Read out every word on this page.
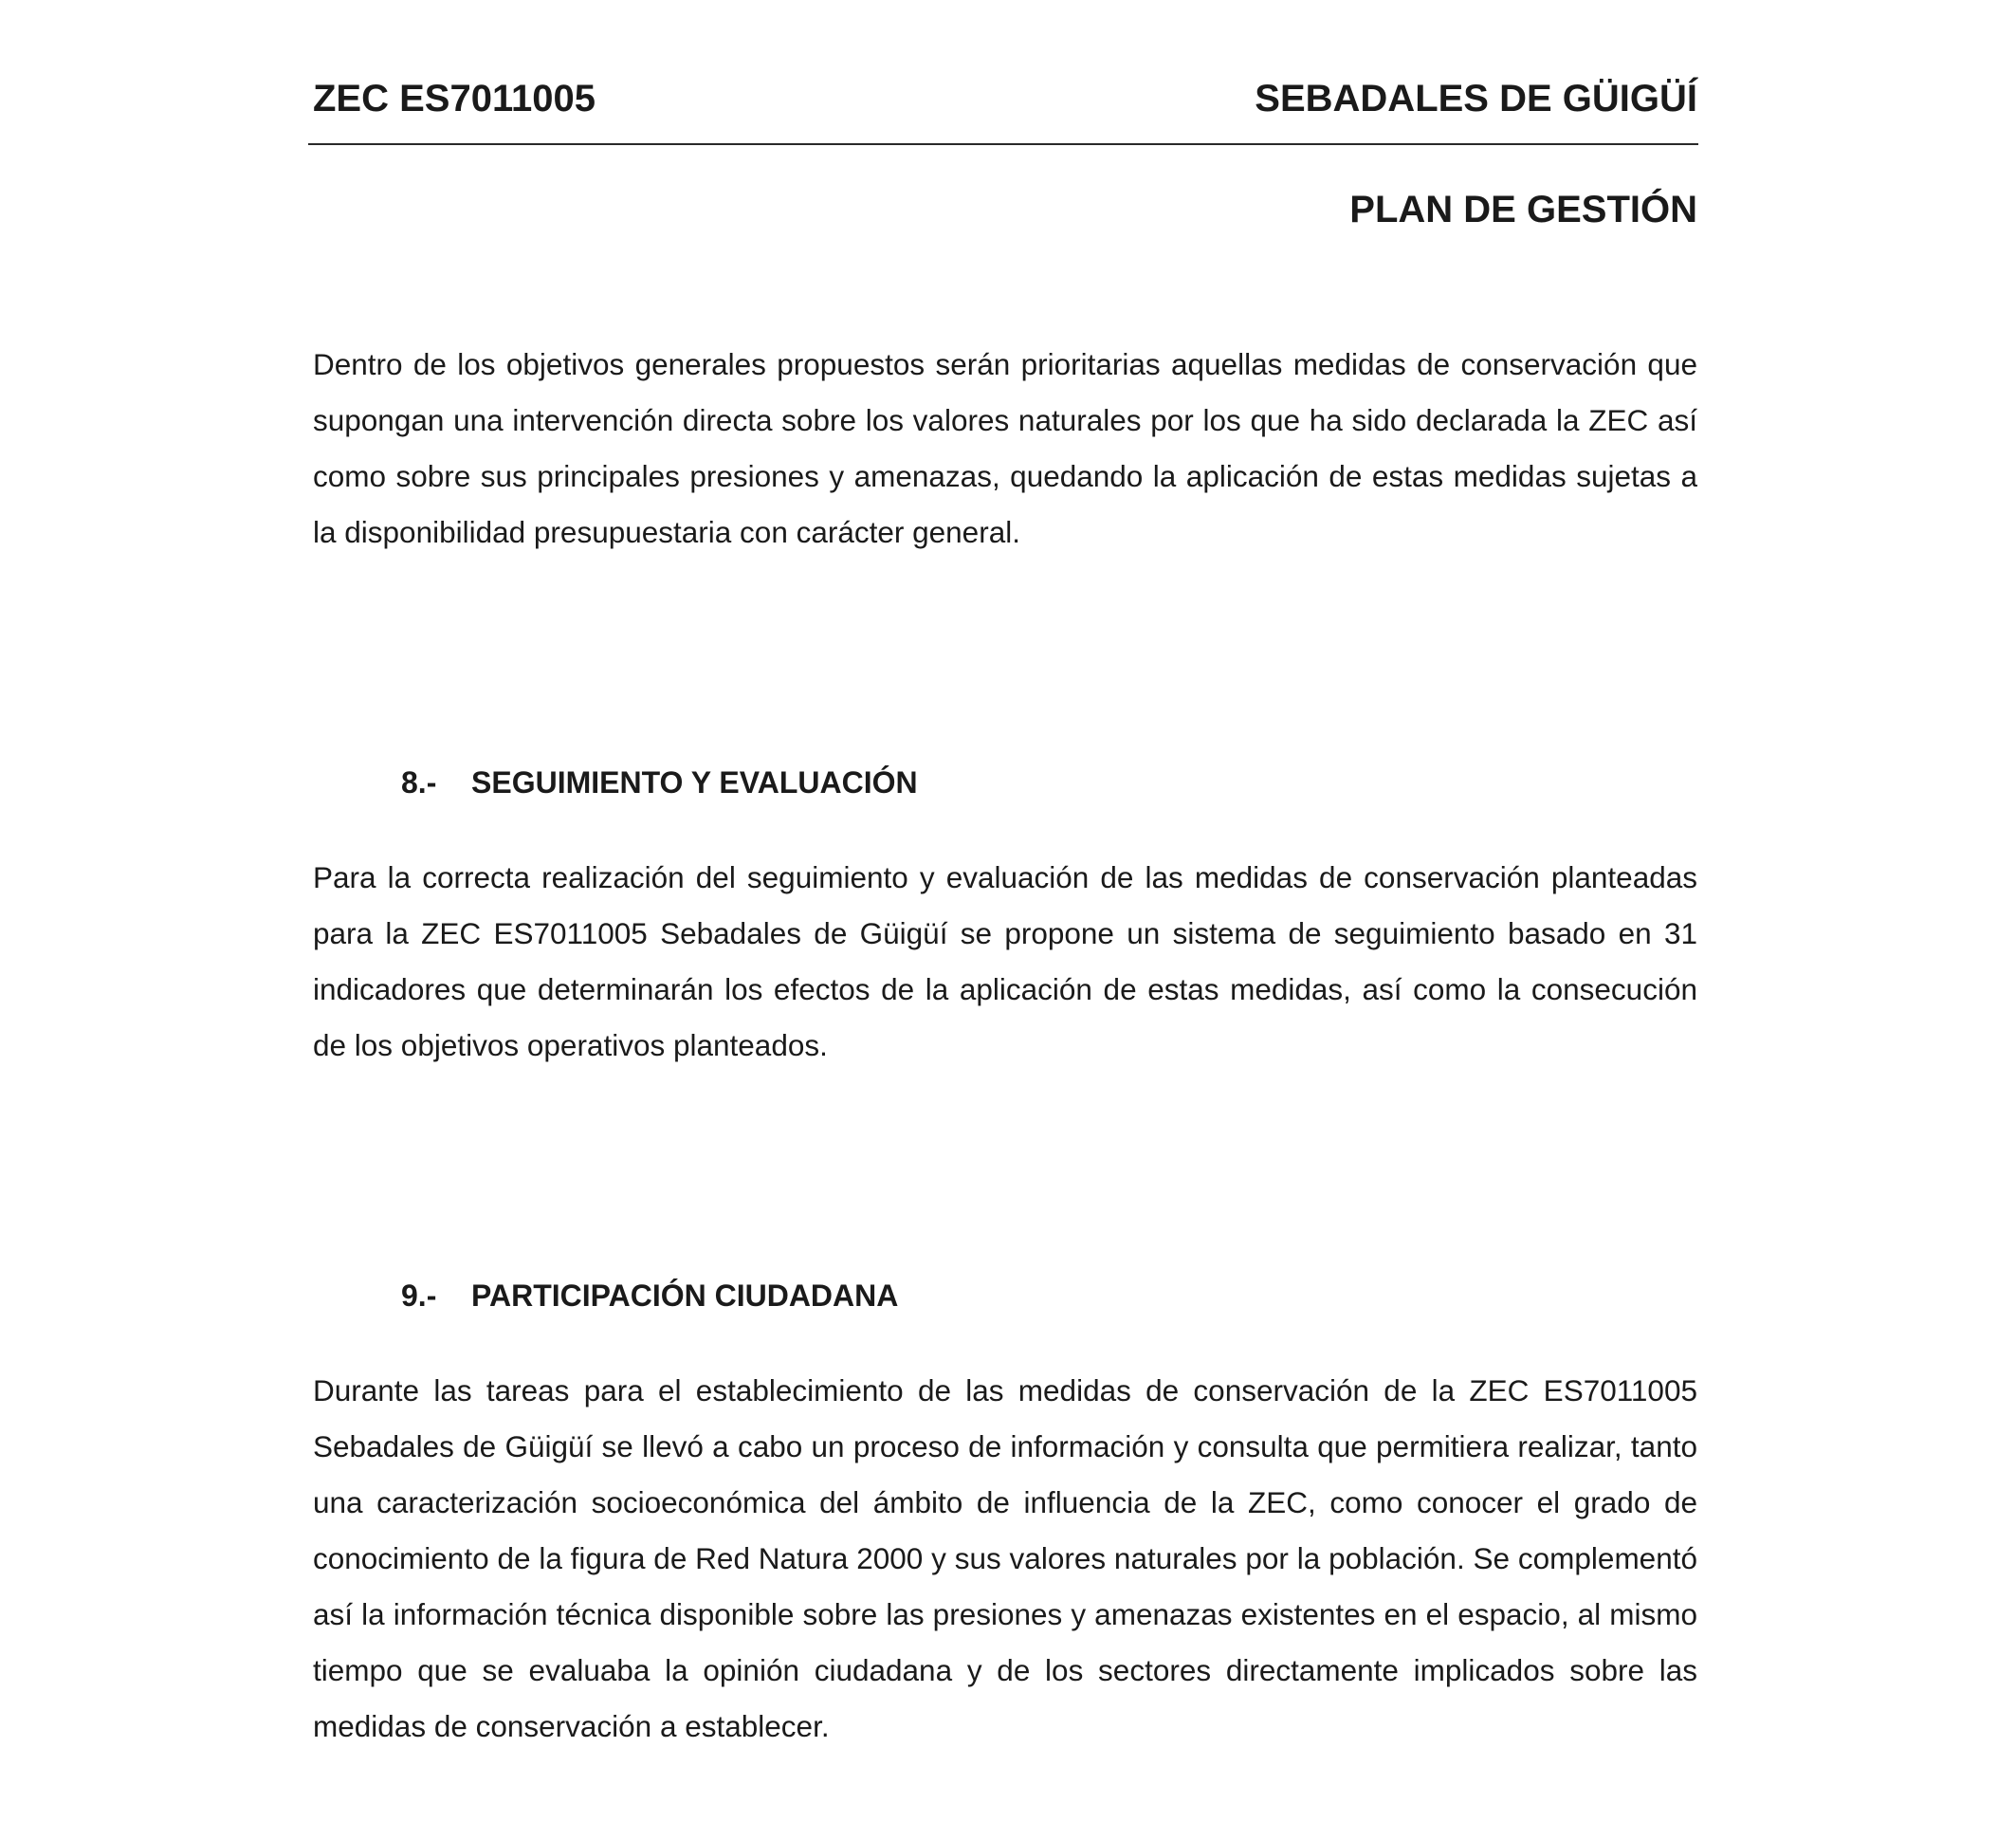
ZEC ES7011005	SEBADALES DE GÜIGÜÍ
PLAN DE GESTIÓN

Dentro de los objetivos generales propuestos serán prioritarias aquellas medidas de conservación que supongan una intervención directa sobre los valores naturales por los que ha sido declarada la ZEC así como sobre sus principales presiones y amenazas, quedando la aplicación de estas medidas sujetas a la disponibilidad presupuestaria con carácter general.

8.- SEGUIMIENTO Y EVALUACIÓN

Para la correcta realización del seguimiento y evaluación de las medidas de conservación planteadas para la ZEC ES7011005 Sebadales de Güigüí se propone un sistema de seguimiento basado en 31 indicadores que determinarán los efectos de la aplicación de estas medidas, así como la consecución de los objetivos operativos planteados.

9.- PARTICIPACIÓN CIUDADANA

Durante las tareas para el establecimiento de las medidas de conservación de la ZEC ES7011005 Sebadales de Güigüí se llevó a cabo un proceso de información y consulta que permitiera realizar, tanto una caracterización socioeconómica del ámbito de influencia de la ZEC, como conocer el grado de conocimiento de la figura de Red Natura 2000 y sus valores naturales por la población. Se complementó así la información técnica disponible sobre las presiones y amenazas existentes en el espacio, al mismo tiempo que se evaluaba la opinión ciudadana y de los sectores directamente implicados sobre las medidas de conservación a establecer.
